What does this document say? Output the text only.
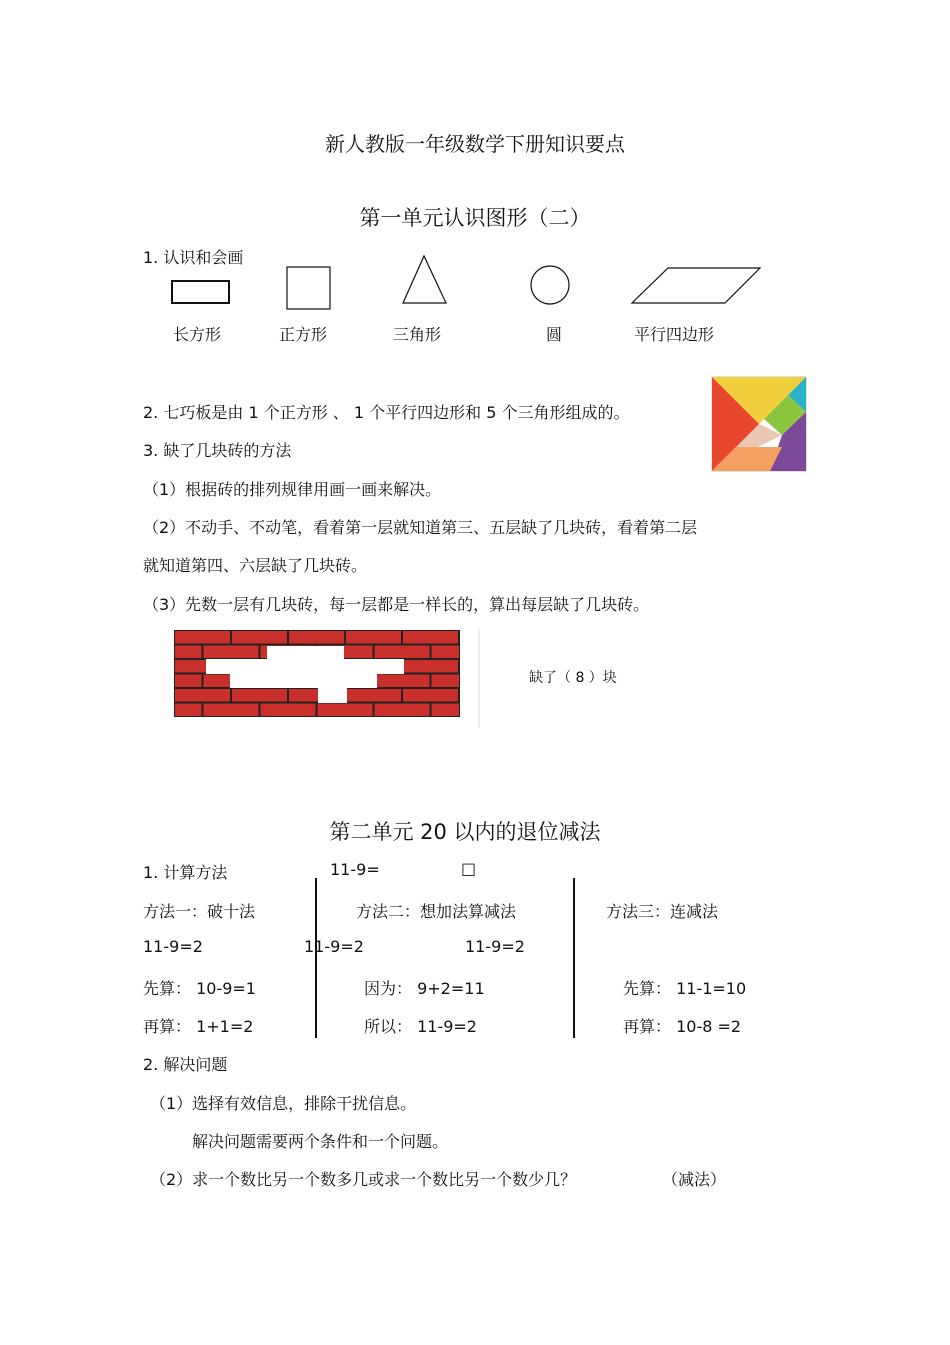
新人教版一年级数学下册知识要点
第一单元认识图形（二）
1. 认识和会画
长方形	正方形	三角形	圆	平行四边形
2. 七巧板是由 1 个正方形 、 1 个平行四边形和 5 个三角形组成的。
3. 缺了几块砖的方法
（1）根据砖的排列规律用画一画来解决。
（2）不动手、不动笔，看着第一层就知道第三、五层缺了几块砖，看着第二层
就知道第四、六层缺了几块砖。
（3）先数一层有几块砖，每一层都是一样长的，算出每层缺了几块砖。
缺了（ 8 ）块
第二单元 20 以内的退位减法
1. 计算方法	11-9=	□
方法一：破十法	方法二：想加法算减法	方法三：连减法
11-9=2	11-9=2	11-9=2
先算： 10-9=1	因为： 9+2=11	先算： 11-1=10
再算： 1+1=2	所以： 11-9=2	再算： 10-8 =2
2. 解决问题
（1）选择有效信息，排除干扰信息。
解决问题需要两个条件和一个问题。
（2）求一个数比另一个数多几或求一个数比另一个数少几？	（减法）
